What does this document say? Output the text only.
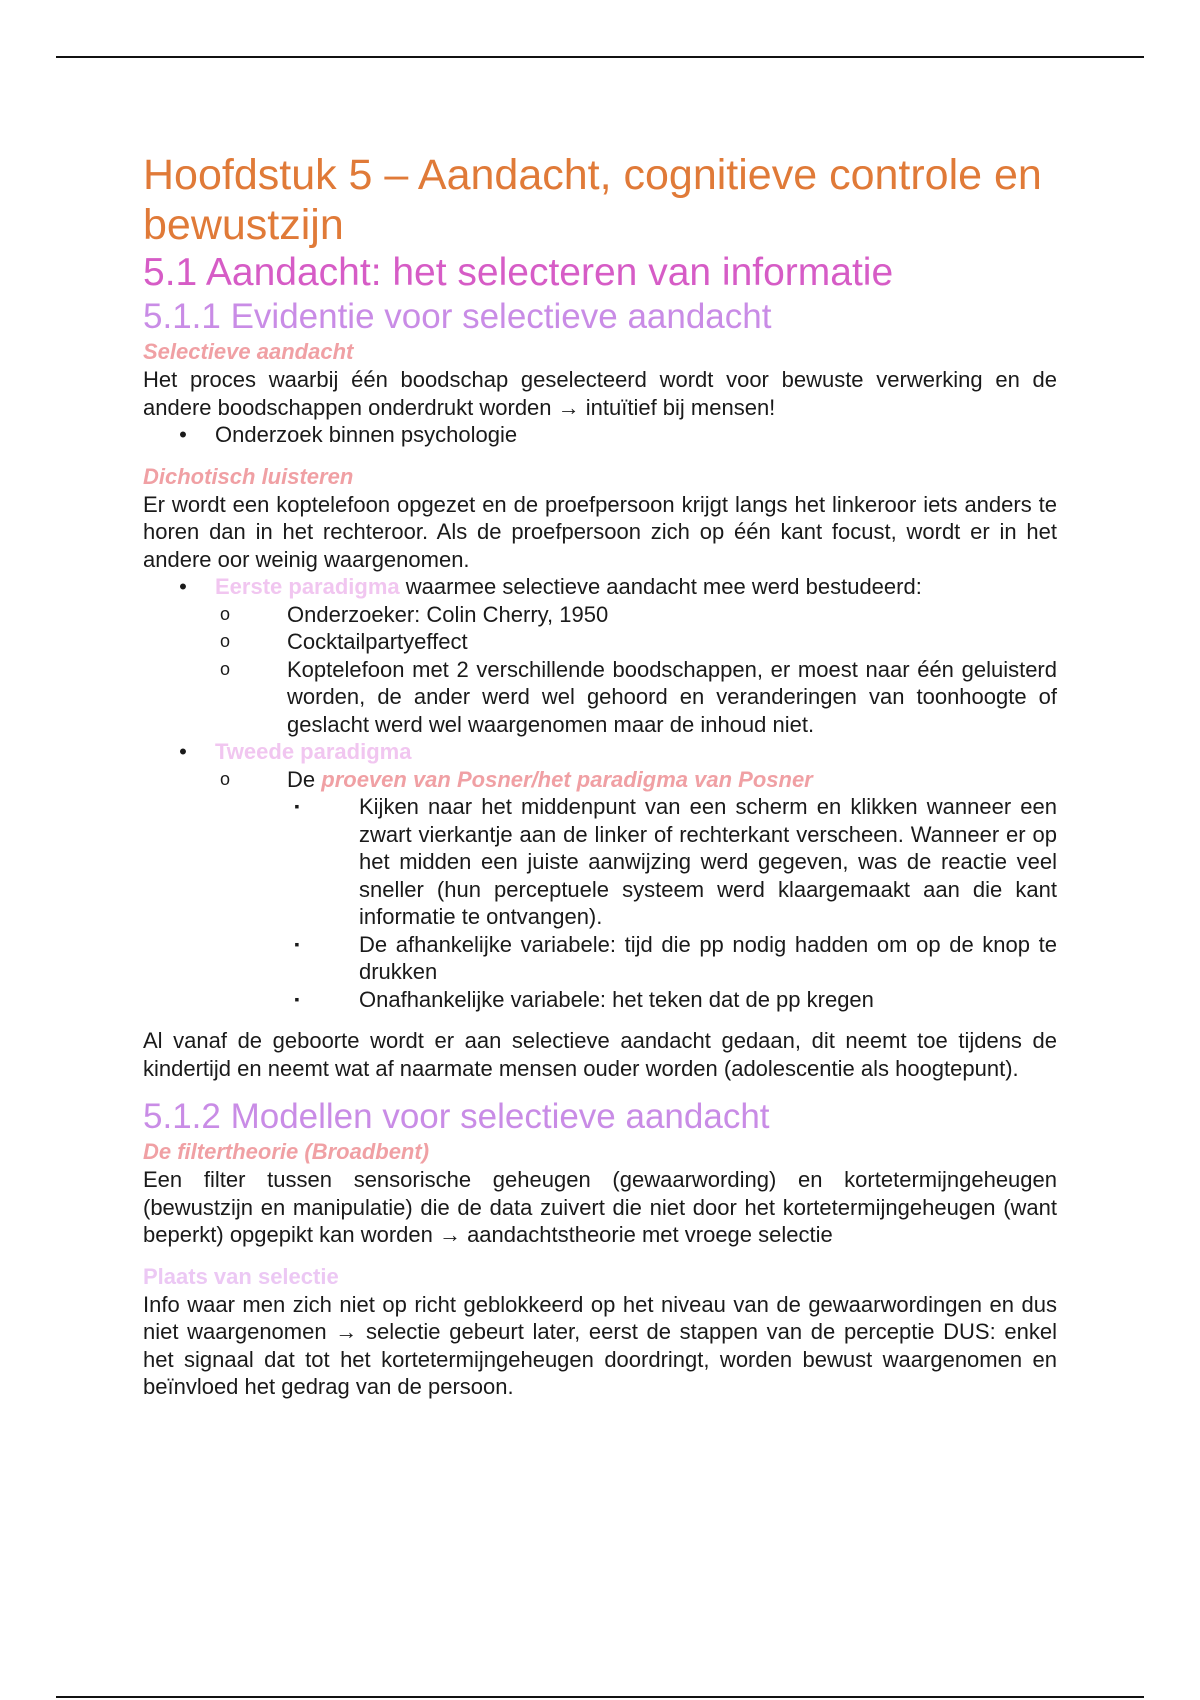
Hoofdstuk 5 – Aandacht, cognitieve controle en bewustzijn
5.1 Aandacht: het selecteren van informatie
5.1.1 Evidentie voor selectieve aandacht
Selectieve aandacht

Het proces waarbij één boodschap geselecteerd wordt voor bewuste verwerking en de andere boodschappen onderdrukt worden → intuïtief bij mensen!

• Onderzoek binnen psychologie
Dichotisch luisteren

Er wordt een koptelefoon opgezet en de proefpersoon krijgt langs het linkeroor iets anders te horen dan in het rechteroor. Als de proefpersoon zich op één kant focust, wordt er in het andere oor weinig waargenomen.

• Eerste paradigma waarmee selectieve aandacht mee werd bestudeerd:
o	Onderzoeker: Colin Cherry, 1950
o	Cocktailpartyeffect
o	Koptelefoon met 2 verschillende boodschappen, er moest naar één geluisterd worden, de ander werd wel gehoord en veranderingen van toonhoogte of geslacht werd wel waargenomen maar de inhoud niet.
• Tweede paradigma
o	De proeven van Posner/het paradigma van Posner
▪	Kijken naar het middenpunt van een scherm en klikken wanneer een zwart vierkantje aan de linker of rechterkant verscheen. Wanneer er op het midden een juiste aanwijzing werd gegeven, was de reactie veel sneller (hun perceptuele systeem werd klaargemaakt aan die kant informatie te ontvangen).
▪	De afhankelijke variabele: tijd die pp nodig hadden om op de knop te drukken
▪	Onafhankelijke variabele: het teken dat de pp kregen

Al vanaf de geboorte wordt er aan selectieve aandacht gedaan, dit neemt toe tijdens de kindertijd en neemt wat af naarmate mensen ouder worden (adolescentie als hoogtepunt).

5.1.2 Modellen voor selectieve aandacht
De filtertheorie (Broadbent)

Een filter tussen sensorische geheugen (gewaarwording) en kortetermijngeheugen (bewustzijn en manipulatie) die de data zuivert die niet door het kortetermijngeheugen (want beperkt) opgepikt kan worden → aandachtstheorie met vroege selectie

Plaats van selectie

Info waar men zich niet op richt geblokkeerd op het niveau van de gewaarwordingen en dus niet waargenomen → selectie gebeurt later, eerst de stappen van de perceptie DUS: enkel het signaal dat tot het kortetermijngeheugen doordringt, worden bewust waargenomen en beïnvloed het gedrag van de persoon.
